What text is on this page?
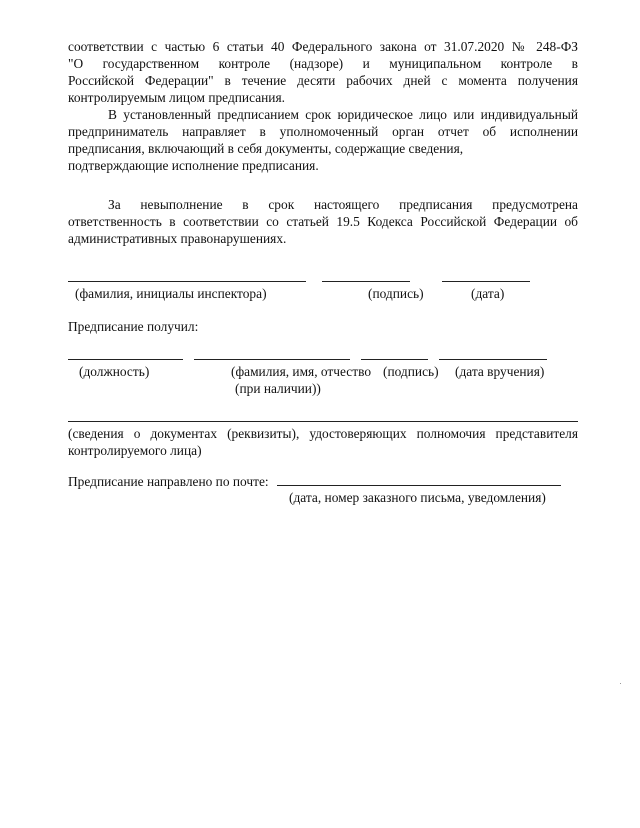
соответствии с частью 6 статьи 40 Федерального закона от 31.07.2020 № 248-ФЗ
"О государственном контроле (надзоре) и муниципальном контроле в
Российской Федерации" в течение десяти рабочих дней с момента получения
контролируемым лицом предписания.
В установленный предписанием срок юридическое лицо или индивидуальный
предприниматель направляет в уполномоченный орган отчет об исполнении
предписания, включающий в себя документы, содержащие сведения,
подтверждающие исполнение предписания.
За невыполнение в срок настоящего предписания предусмотрена
ответственность в соответствии со статьей 19.5 Кодекса Российской Федерации об
административных правонарушениях.
(фамилия, инициалы инспектора)	(подпись)	(дата)
Предписание получил:
(должность)	(фамилия, имя, отчество (подпись) (дата вручения)
(при наличии))
(сведения о документах (реквизиты), удостоверяющих полномочия представителя
контролируемого лица)
Предписание направлено по почте:
(дата, номер заказного письма, уведомления)
